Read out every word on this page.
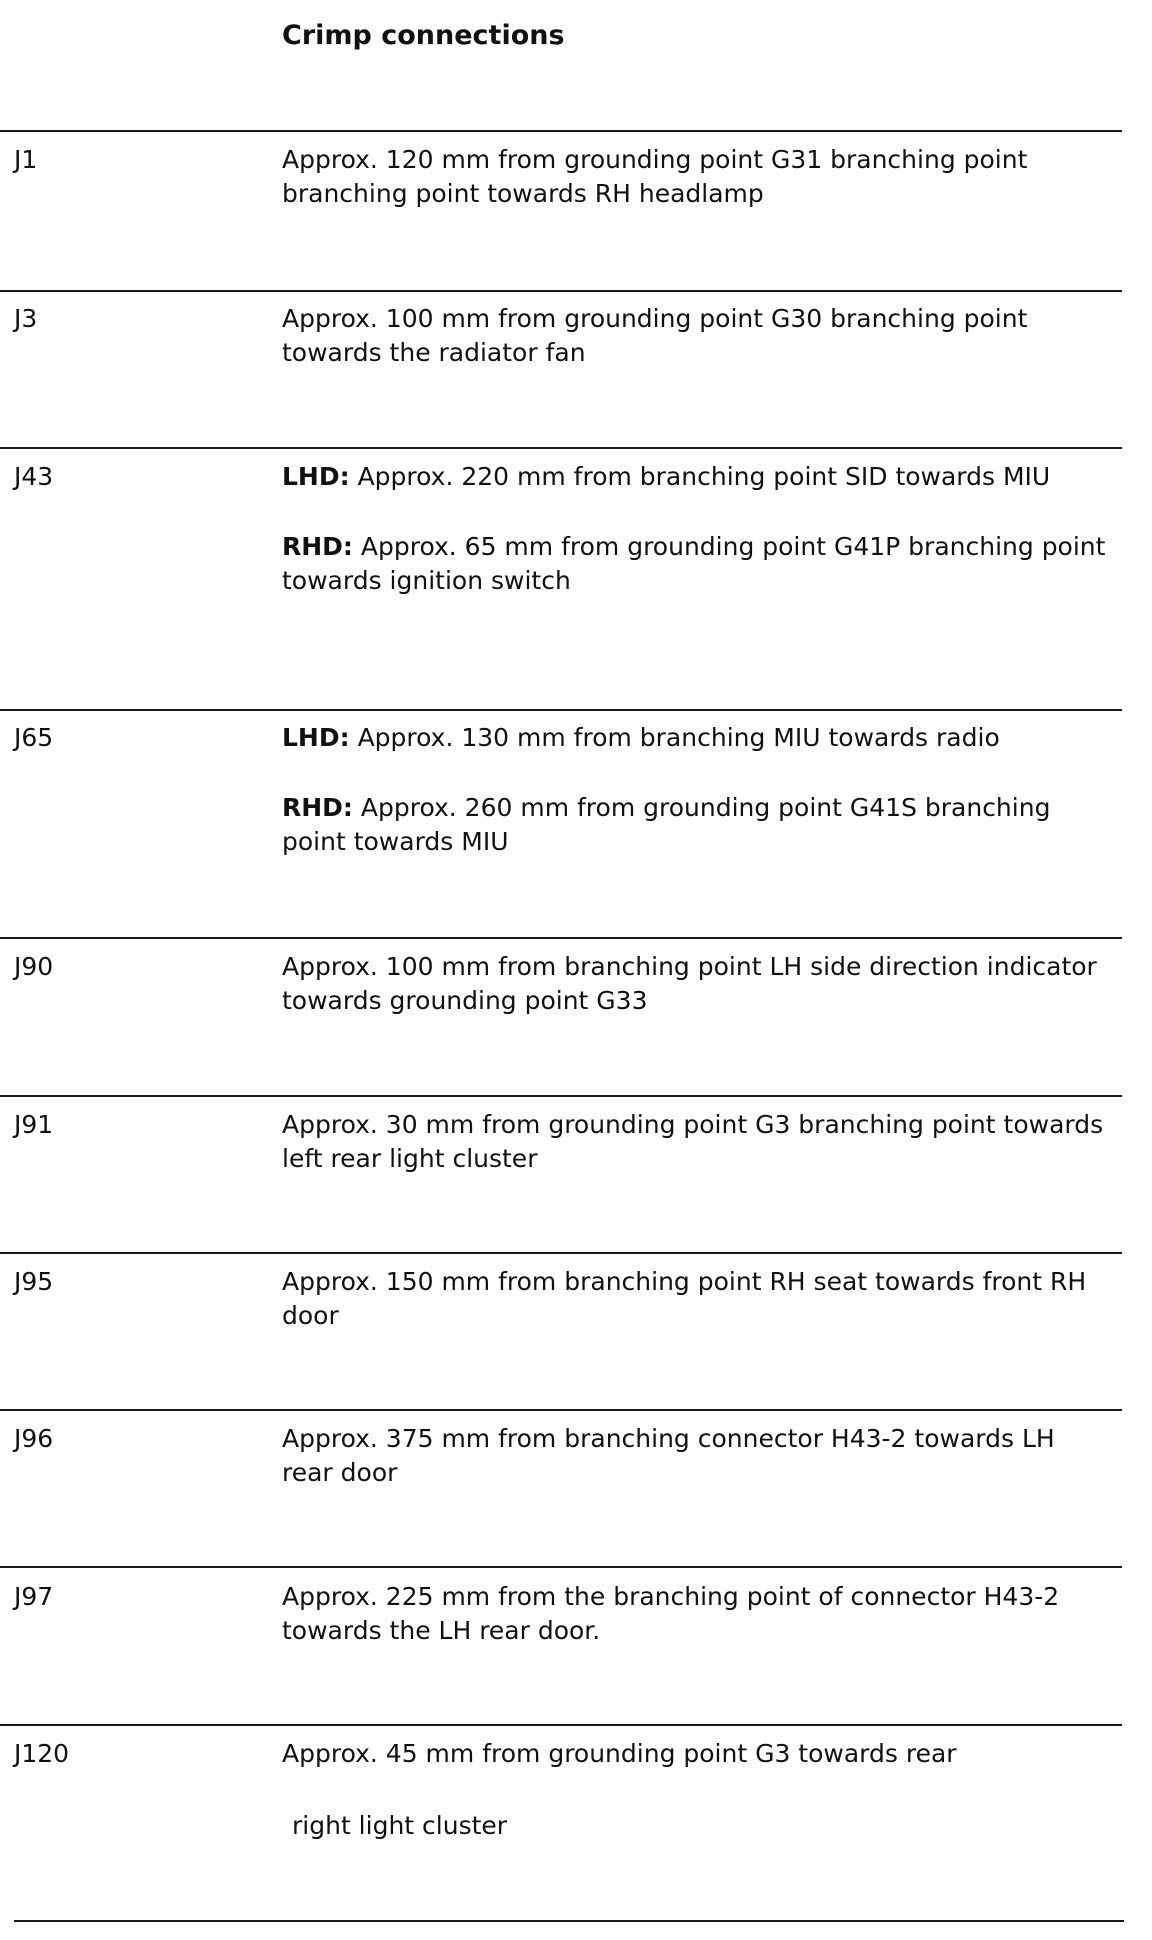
Crimp connections
J1	Approx. 120 mm from grounding point G31 branching point branching point towards RH headlamp

J3	Approx. 100 mm from grounding point G30 branching point towards the radiator fan

J43	LHD: Approx. 220 mm from branching point SID towards MIU

RHD: Approx. 65 mm from grounding point G41P branching point towards ignition switch

J65	LHD: Approx. 130 mm from branching MIU towards radio

RHD: Approx. 260 mm from grounding point G41S branching point towards MIU

J90	Approx. 100 mm from branching point LH side direction indicator towards grounding point G33

J91	Approx. 30 mm from grounding point G3 branching point towards left rear light cluster

J95	Approx. 150 mm from branching point RH seat towards front RH door

J96	Approx. 375 mm from branching connector H43-2 towards LH rear door

J97	Approx. 225 mm from the branching point of connector H43-2 towards the LH rear door.

J120	Approx. 45 mm from grounding point G3 towards rear

right light cluster
